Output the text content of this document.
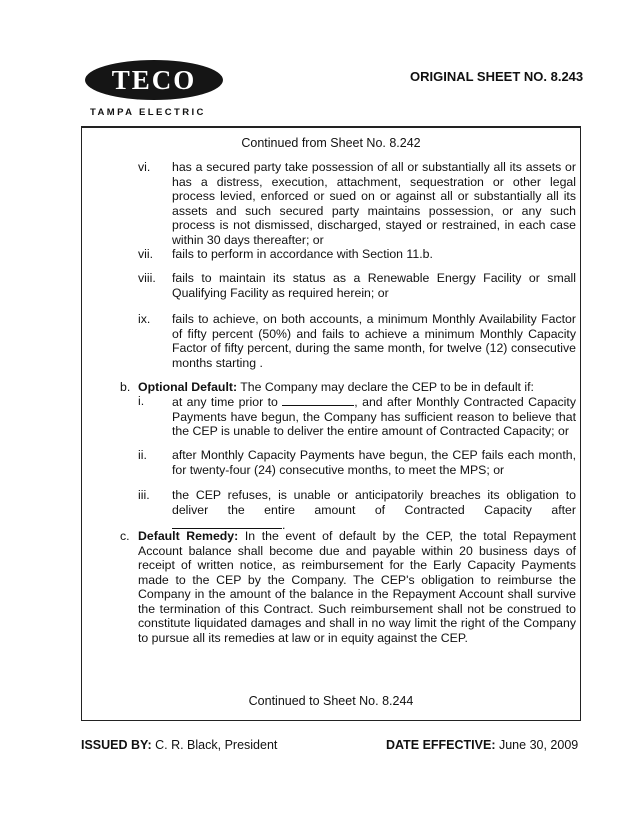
TECO
TAMPA ELECTRIC
ORIGINAL SHEET NO. 8.243
Continued from Sheet No. 8.242
vi. has a secured party take possession of all or substantially all its assets or has a distress, execution, attachment, sequestration or other legal process levied, enforced or sued on or against all or substantially all its assets and such secured party maintains possession, or any such process is not dismissed, discharged, stayed or restrained, in each case within 30 days thereafter; or
vii. fails to perform in accordance with Section 11.b.
viii. fails to maintain its status as a Renewable Energy Facility or small Qualifying Facility as required herein; or
ix. fails to achieve, on both accounts, a minimum Monthly Availability Factor of fifty percent (50%) and fails to achieve a minimum Monthly Capacity Factor of fifty percent, during the same month, for twelve (12) consecutive months starting .
b. Optional Default: The Company may declare the CEP to be in default if:
i. at any time prior to	, and after Monthly Contracted Capacity Payments have begun, the Company has sufficient reason to believe that the CEP is unable to deliver the entire amount of Contracted Capacity; or
ii. after Monthly Capacity Payments have begun, the CEP fails each month, for twenty-four (24) consecutive months, to meet the MPS; or
iii. the CEP refuses, is unable or anticipatorily breaches its obligation to deliver the entire amount of Contracted Capacity after .
c. Default Remedy: In the event of default by the CEP, the total Repayment Account balance shall become due and payable within 20 business days of receipt of written notice, as reimbursement for the Early Capacity Payments made to the CEP by the Company. The CEP's obligation to reimburse the Company in the amount of the balance in the Repayment Account shall survive the termination of this Contract. Such reimbursement shall not be construed to constitute liquidated damages and shall in no way limit the right of the Company to pursue all its remedies at law or in equity against the CEP.
Continued to Sheet No. 8.244
ISSUED BY: C. R. Black, President	DATE EFFECTIVE: June 30, 2009
